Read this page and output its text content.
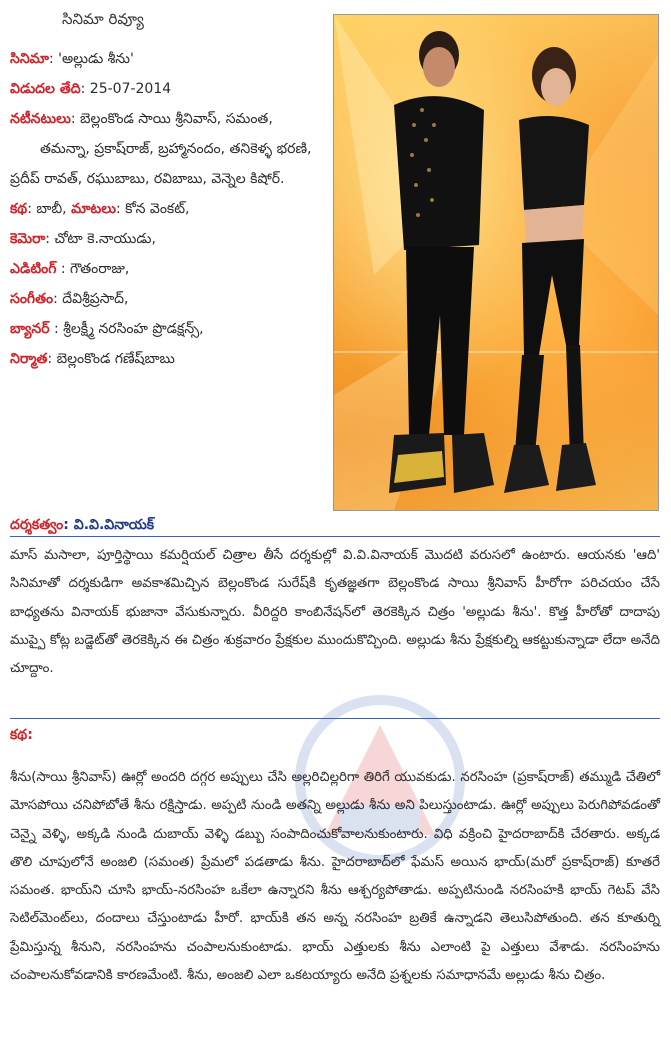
సినిమా రివ్యూ
సినిమా: 'అల్లుడు శీను'
విడుదల తేది: 25-07-2014
నటీనటులు: బెల్లంకొండ సాయి శ్రీనివాస్, సమంత,
తమన్నా, ప్రకాష్‌రాజ్, బ్రహ్మానందం, తనికెళ్ళ భరణి,
ప్రదీప్ రావత్, రఘుబాబు, రవిబాబు, వెన్నెల కిషోర్.
కథ: బాబీ, మాటలు: కోన వెంకట్,
కెమెరా: చోటా కె.నాయుడు,
ఎడిటింగ్ : గౌతంరాజు,
సంగీతం: దేవిశ్రీప్రసాద్,
బ్యానర్ : శ్రీలక్ష్మీ నరసింహ ప్రొడక్షన్స్,
నిర్మాత: బెల్లంకొండ గణేష్‌బాబు
దర్శకత్వం: వి.వి.వినాయక్

మాస్ మసాలా, పూర్తిస్థాయి కమర్షియల్ చిత్రాల తీసే దర్శకుల్లో వి.వి.వినాయక్ మొదటి వరుసలో ఉంటారు. ఆయనకు 'ఆది' సినిమాతో దర్శకుడిగా అవకాశమిచ్చిన బెల్లంకొండ సురేష్‌కి కృతజ్ఞతగా బెల్లంకొండ సాయి శ్రీనివాస్ హీరోగా పరిచయం చేసే బాధ్యతను వినాయక్ భుజానా వేసుకున్నారు. వీరిద్దరి కాంబినేషన్‌లో తెరకెక్కిన చిత్రం 'అల్లుడు శీను'. కొత్త హీరోతో దాదాపు ముప్పై కోట్ల బడ్జెట్‌తో తెరకెక్కిన ఈ చిత్రం శుక్రవారం ప్రేక్షకుల ముందుకొచ్చింది. అల్లుడు శీను ప్రేక్షకుల్ని ఆకట్టుకున్నాడా లేదా అనేది చూద్దాం.

కథ:

శీను(సాయి శ్రీనివాస్) ఊర్లో అందరి దగ్గర అప్పులు చేసి అల్లరిచిల్లరిగా తిరిగే యువకుడు. నరసింహ (ప్రకాష్‌రాజ్) తమ్ముడి చేతిలో మోసపోయి చనిపోబోతే శీను రక్షిస్తాడు. అప్పటి నుండి అతన్ని అల్లుడు శీను అని పిలుస్తుంటాడు. ఊర్లో అప్పులు పెరుగిపోవడంతో చెన్నై వెళ్ళి, అక్కడి నుండి దుబాయ్ వెళ్ళి డబ్బు సంపాదించుకోవాలనుకుంటారు. విధి వక్రించి హైదరాబాద్‌కి చేరతారు. అక్కడ తొలి చూపులోనే అంజలి (సమంత) ప్రేమలో పడతాడు శీను. హైదరాబాద్‌లో ఫేమస్ అయిన భాయ్(మరో ప్రకాష్‌రాజ్) కూతరే సమంత. భాయ్‌ని చూసి భాయ్-నరసింహ ఒకేలా ఉన్నారని శీను ఆశ్చర్యపోతాడు. అప్పటినుండి నరసింహకి భాయ్ గెటప్ వేసి సెటిల్‌మెంట్‌లు, దందాలు చేస్తుంటాడు హీరో. భాయ్‌కి తన అన్న నరసింహ బ్రతికే ఉన్నాడని తెలుసిపోతుంది. తన కూతుర్ని ప్రేమిస్తున్న శీనుని, నరసింహను చంపాలనుకుంటాడు. భాయ్ ఎత్తులకు శీను ఎలాంటి పై ఎత్తులు వేశాడు. నరసింహను చంపాలనుకోవడానికి కారణమేంటి. శీను, అంజలి ఎలా ఒకటయ్యారు అనేది ప్రశ్నలకు సమాధానమే అల్లుడు శీను చిత్రం.
